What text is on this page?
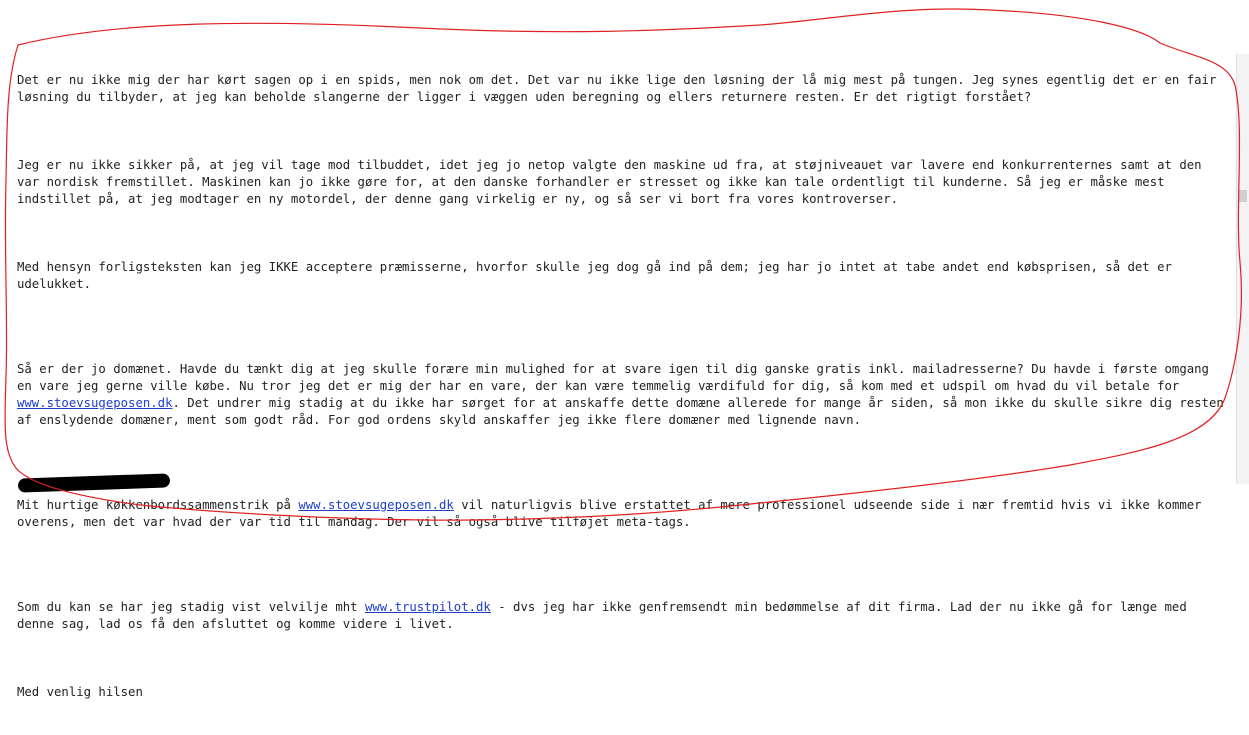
Det er nu ikke mig der har kørt sagen op i en spids, men nok om det. Det var nu ikke lige den løsning der lå mig mest på tungen. Jeg synes egentlig det er en fair løsning du tilbyder, at jeg kan beholde slangerne der ligger i væggen uden beregning og ellers returnere resten. Er det rigtigt forstået?

Jeg er nu ikke sikker på, at jeg vil tage mod tilbuddet, idet jeg jo netop valgte den maskine ud fra, at støjniveauet var lavere end konkurrenternes samt at den var nordisk fremstillet. Maskinen kan jo ikke gøre for, at den danske forhandler er stresset og ikke kan tale ordentligt til kunderne. Så jeg er måske mest indstillet på, at jeg modtager en ny motordel, der denne gang virkelig er ny, og så ser vi bort fra vores kontroverser.

Med hensyn forligsteksten kan jeg IKKE acceptere præmisserne, hvorfor skulle jeg dog gå ind på dem; jeg har jo intet at tabe andet end købsprisen, så det er udelukket.

Så er der jo domænet. Havde du tænkt dig at jeg skulle forære min mulighed for at svare igen til dig ganske gratis inkl. mailadresserne? Du havde i første omgang en vare jeg gerne ville købe. Nu tror jeg det er mig der har en vare, der kan være temmelig værdifuld for dig, så kom med et udspil om hvad du vil betale for www.stoevsugeposen.dk. Det undrer mig stadig at du ikke har sørget for at anskaffe dette domæne allerede for mange år siden, så mon ikke du skulle sikre dig resten af enslydende domæner, ment som godt råd. For god ordens skyld anskaffer jeg ikke flere domæner med lignende navn.

Mit hurtige køkkenbordssammenstrik på www.stoevsugeposen.dk vil naturligvis blive erstattet af mere professionel udseende side i nær fremtid hvis vi ikke kommer overens, men det var hvad der var tid til mandag. Der vil så også blive tilføjet meta-tags.

Som du kan se har jeg stadig vist velvilje mht www.trustpilot.dk - dvs jeg har ikke genfremsendt min bedømmelse af dit firma. Lad der nu ikke gå for længe med denne sag, lad os få den afsluttet og komme videre i livet.

Med venlig hilsen
